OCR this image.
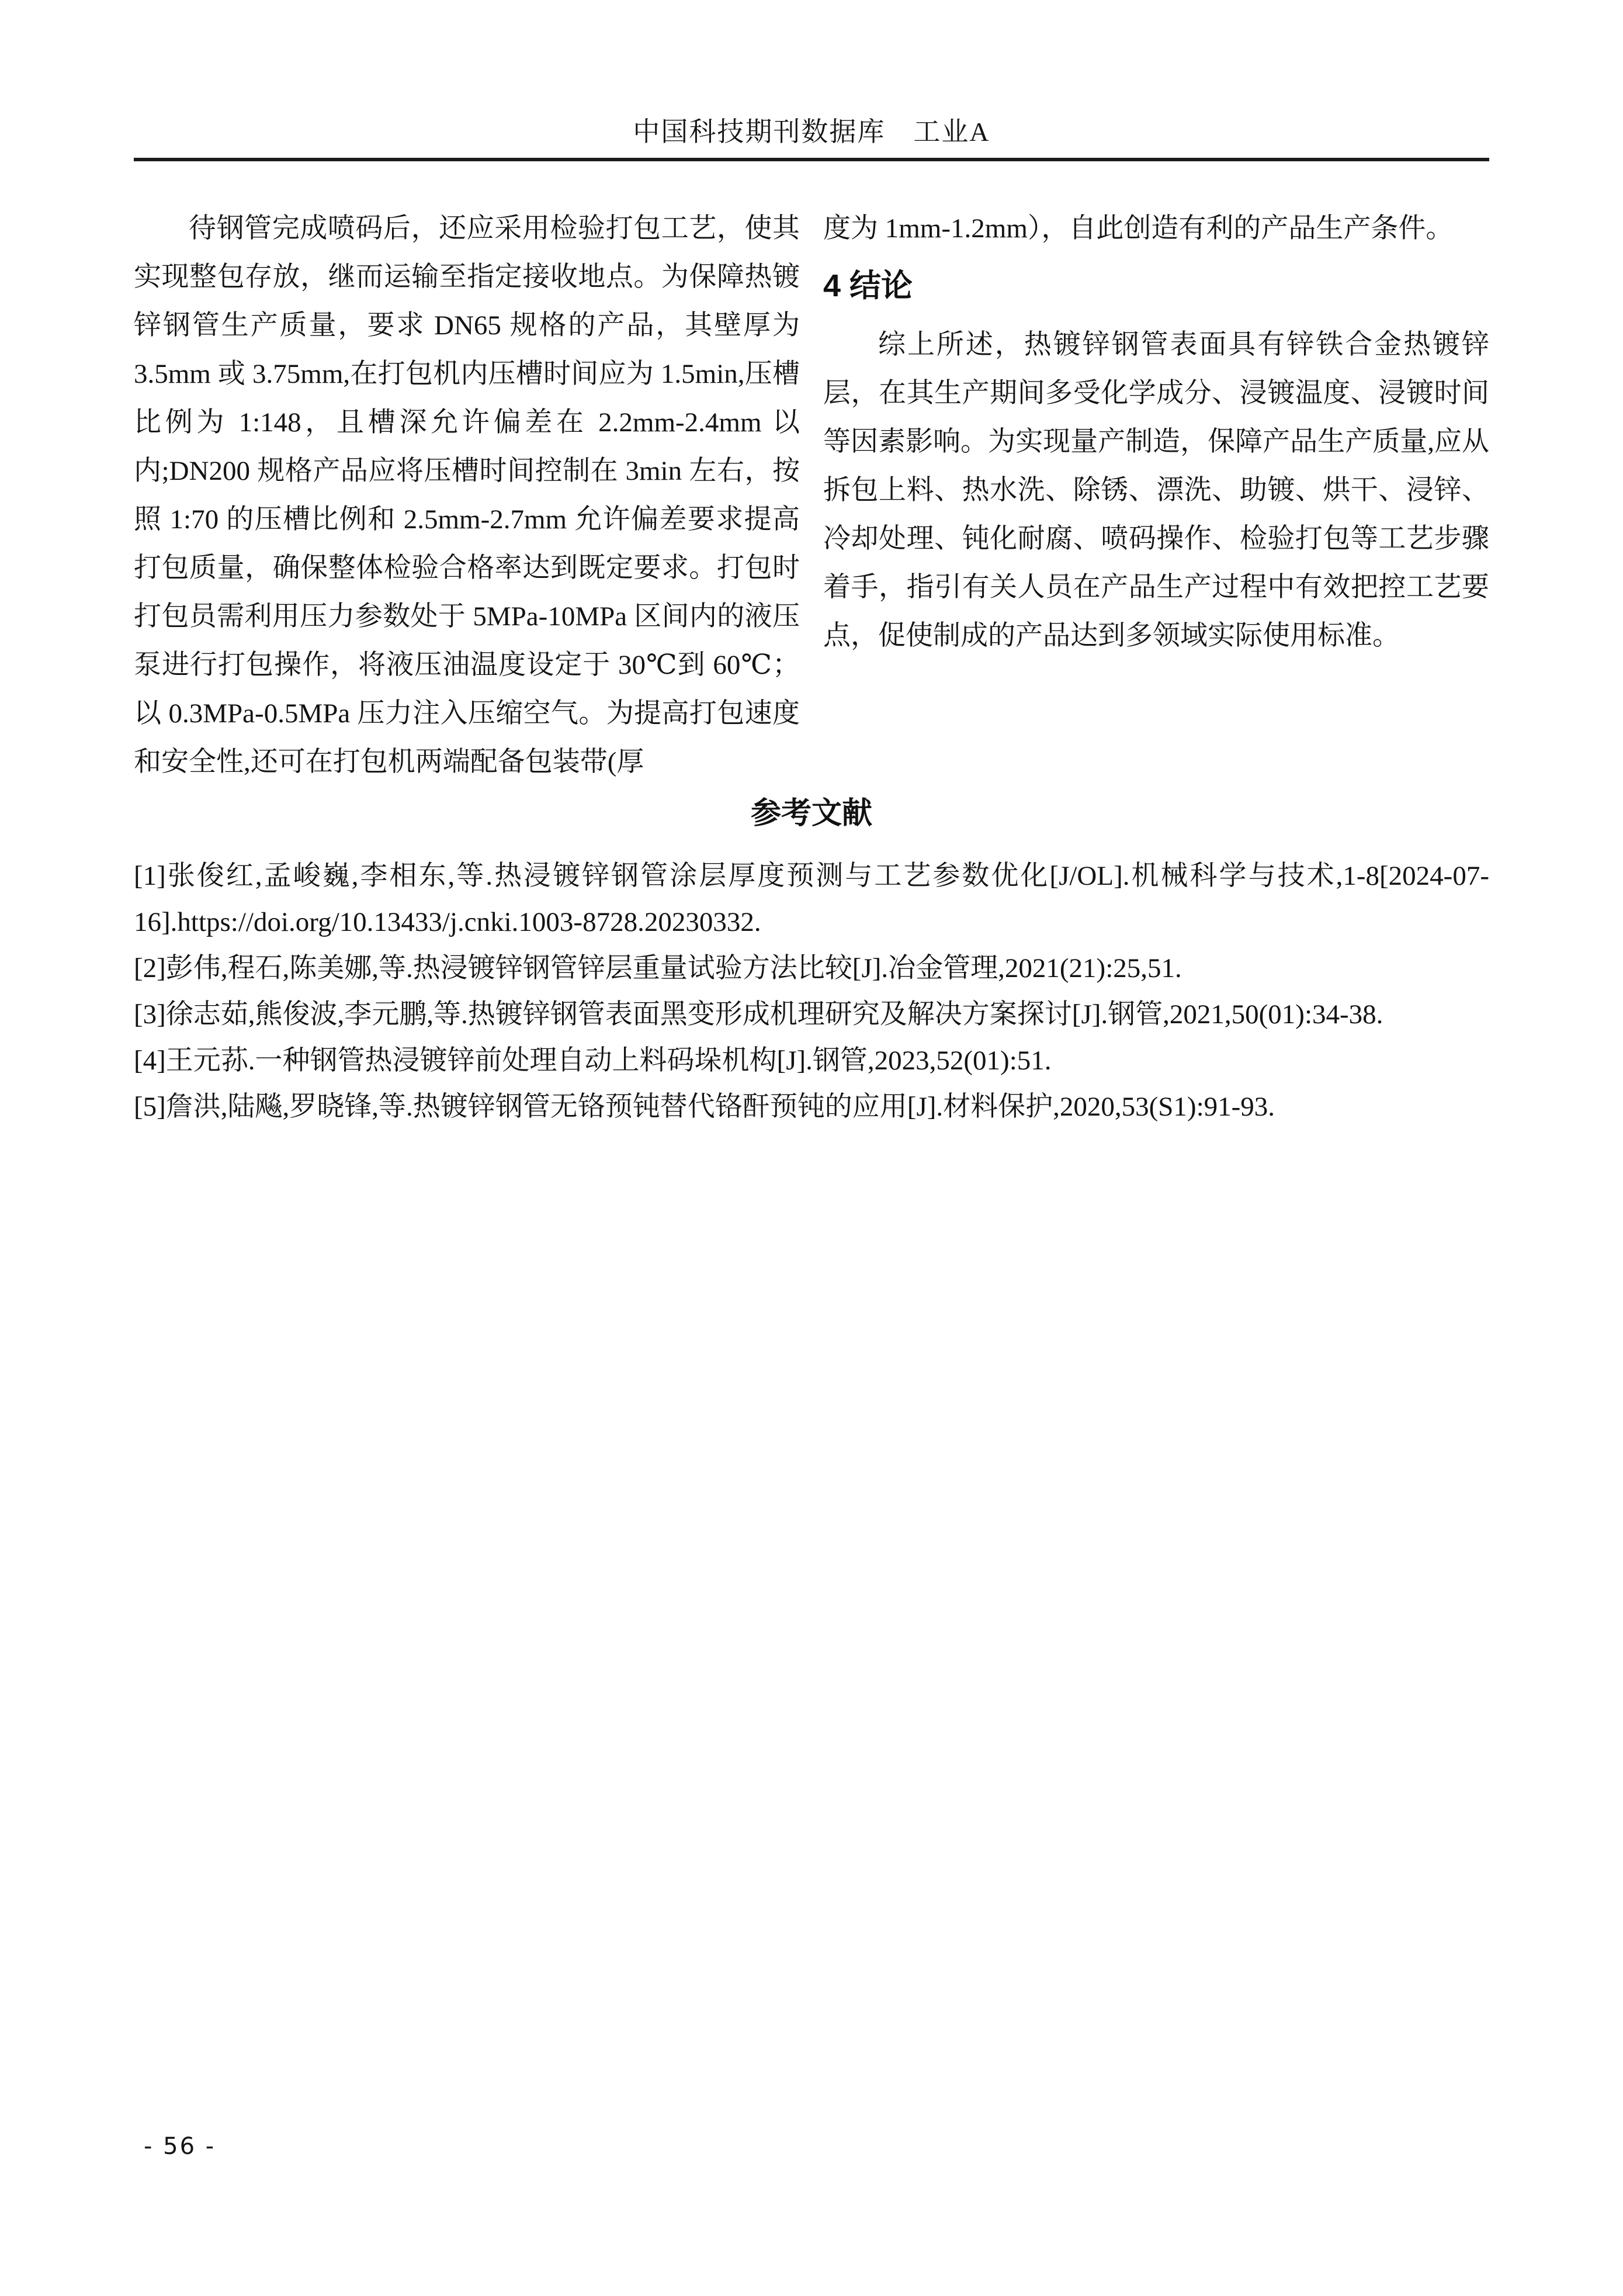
中国科技期刊数据库　工业A

待钢管完成喷码后，还应采用检验打包工艺，使其实现整包存放，继而运输至指定接收地点。为保障热镀锌钢管生产质量，要求 DN65 规格的产品，其壁厚为 3.5mm 或 3.75mm,在打包机内压槽时间应为 1.5min,压槽比例为 1:148，且槽深允许偏差在 2.2mm-2.4mm 以内;DN200 规格产品应将压槽时间控制在 3min 左右，按照 1:70 的压槽比例和 2.5mm-2.7mm 允许偏差要求提高打包质量，确保整体检验合格率达到既定要求。打包时打包员需利用压力参数处于 5MPa-10MPa 区间内的液压泵进行打包操作，将液压油温度设定于 30℃到 60℃；以 0.3MPa-0.5MPa 压力注入压缩空气。为提高打包速度和安全性,还可在打包机两端配备包装带(厚

度为 1mm-1.2mm），自此创造有利的产品生产条件。

4 结论

综上所述，热镀锌钢管表面具有锌铁合金热镀锌层，在其生产期间多受化学成分、浸镀温度、浸镀时间等因素影响。为实现量产制造，保障产品生产质量,应从拆包上料、热水洗、除锈、漂洗、助镀、烘干、浸锌、冷却处理、钝化耐腐、喷码操作、检验打包等工艺步骤着手，指引有关人员在产品生产过程中有效把控工艺要点，促使制成的产品达到多领域实际使用标准。

参考文献

[1]张俊红,孟峻巍,李相东,等.热浸镀锌钢管涂层厚度预测与工艺参数优化[J/OL].机械科学与技术,1-8[2024-07-16].https://doi.org/10.13433/j.cnki.1003-8728.20230332.

[2]彭伟,程石,陈美娜,等.热浸镀锌钢管锌层重量试验方法比较[J].冶金管理,2021(21):25,51.

[3]徐志茹,熊俊波,李元鹏,等.热镀锌钢管表面黑变形成机理研究及解决方案探讨[J].钢管,2021,50(01):34-38.

[4]王元荪.一种钢管热浸镀锌前处理自动上料码垛机构[J].钢管,2023,52(01):51.

[5]詹洪,陆飚,罗晓锋,等.热镀锌钢管无铬预钝替代铬酐预钝的应用[J].材料保护,2020,53(S1):91-93.

- 56 -
